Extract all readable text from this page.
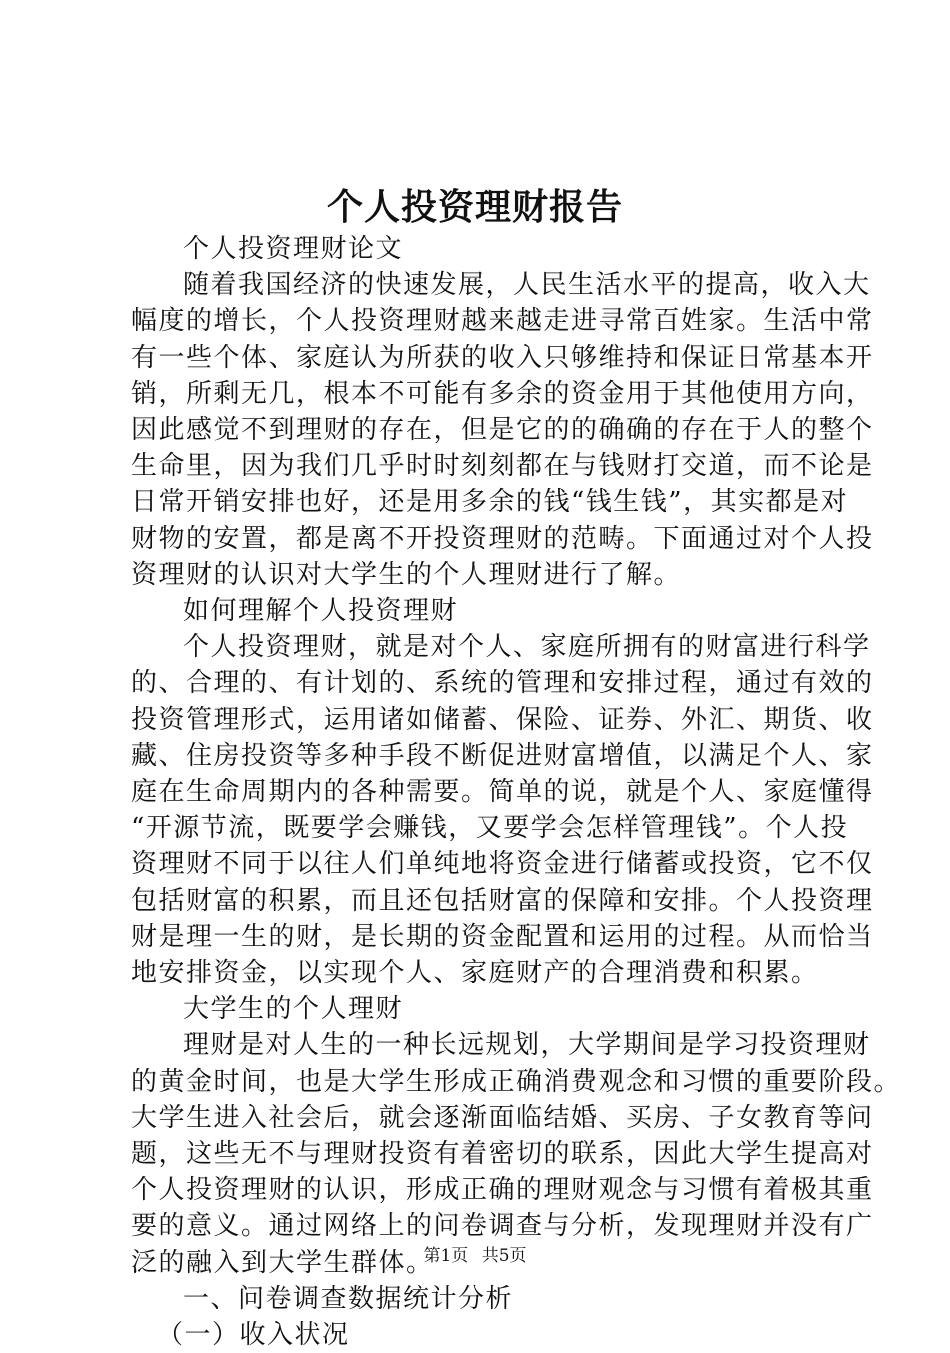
个人投资理财报告

个人投资理财论文

随着我国经济的快速发展，人民生活水平的提高，收入大

幅度的增长，个人投资理财越来越走进寻常百姓家。生活中常

有一些个体、家庭认为所获的收入只够维持和保证日常基本开

销，所剩无几，根本不可能有多余的资金用于其他使用方向，

因此感觉不到理财的存在，但是它的的确确的存在于人的整个

生命里，因为我们几乎时时刻刻都在与钱财打交道，而不论是

日常开销安排也好，还是用多余的钱“钱生钱”，其实都是对

财物的安置，都是离不开投资理财的范畴。下面通过对个人投

资理财的认识对大学生的个人理财进行了解。

如何理解个人投资理财

个人投资理财，就是对个人、家庭所拥有的财富进行科学

的、合理的、有计划的、系统的管理和安排过程，通过有效的

投资管理形式，运用诸如储蓄、保险、证券、外汇、期货、收

藏、住房投资等多种手段不断促进财富增值，以满足个人、家

庭在生命周期内的各种需要。简单的说，就是个人、家庭懂得

“开源节流，既要学会赚钱，又要学会怎样管理钱”。个人投

资理财不同于以往人们单纯地将资金进行储蓄或投资，它不仅

包括财富的积累，而且还包括财富的保障和安排。个人投资理

财是理一生的财，是长期的资金配置和运用的过程。从而恰当

地安排资金，以实现个人、家庭财产的合理消费和积累。

大学生的个人理财

理财是对人生的一种长远规划，大学期间是学习投资理财

的黄金时间，也是大学生形成正确消费观念和习惯的重要阶段。

大学生进入社会后，就会逐渐面临结婚、买房、子女教育等问

题，这些无不与理财投资有着密切的联系，因此大学生提高对

个人投资理财的认识，形成正确的理财观念与习惯有着极其重

要的意义。通过网络上的问卷调查与分析，发现理财并没有广

泛的融入到大学生群体。

一、问卷调查数据统计分析

（一）收入状况

第1页 共5页
